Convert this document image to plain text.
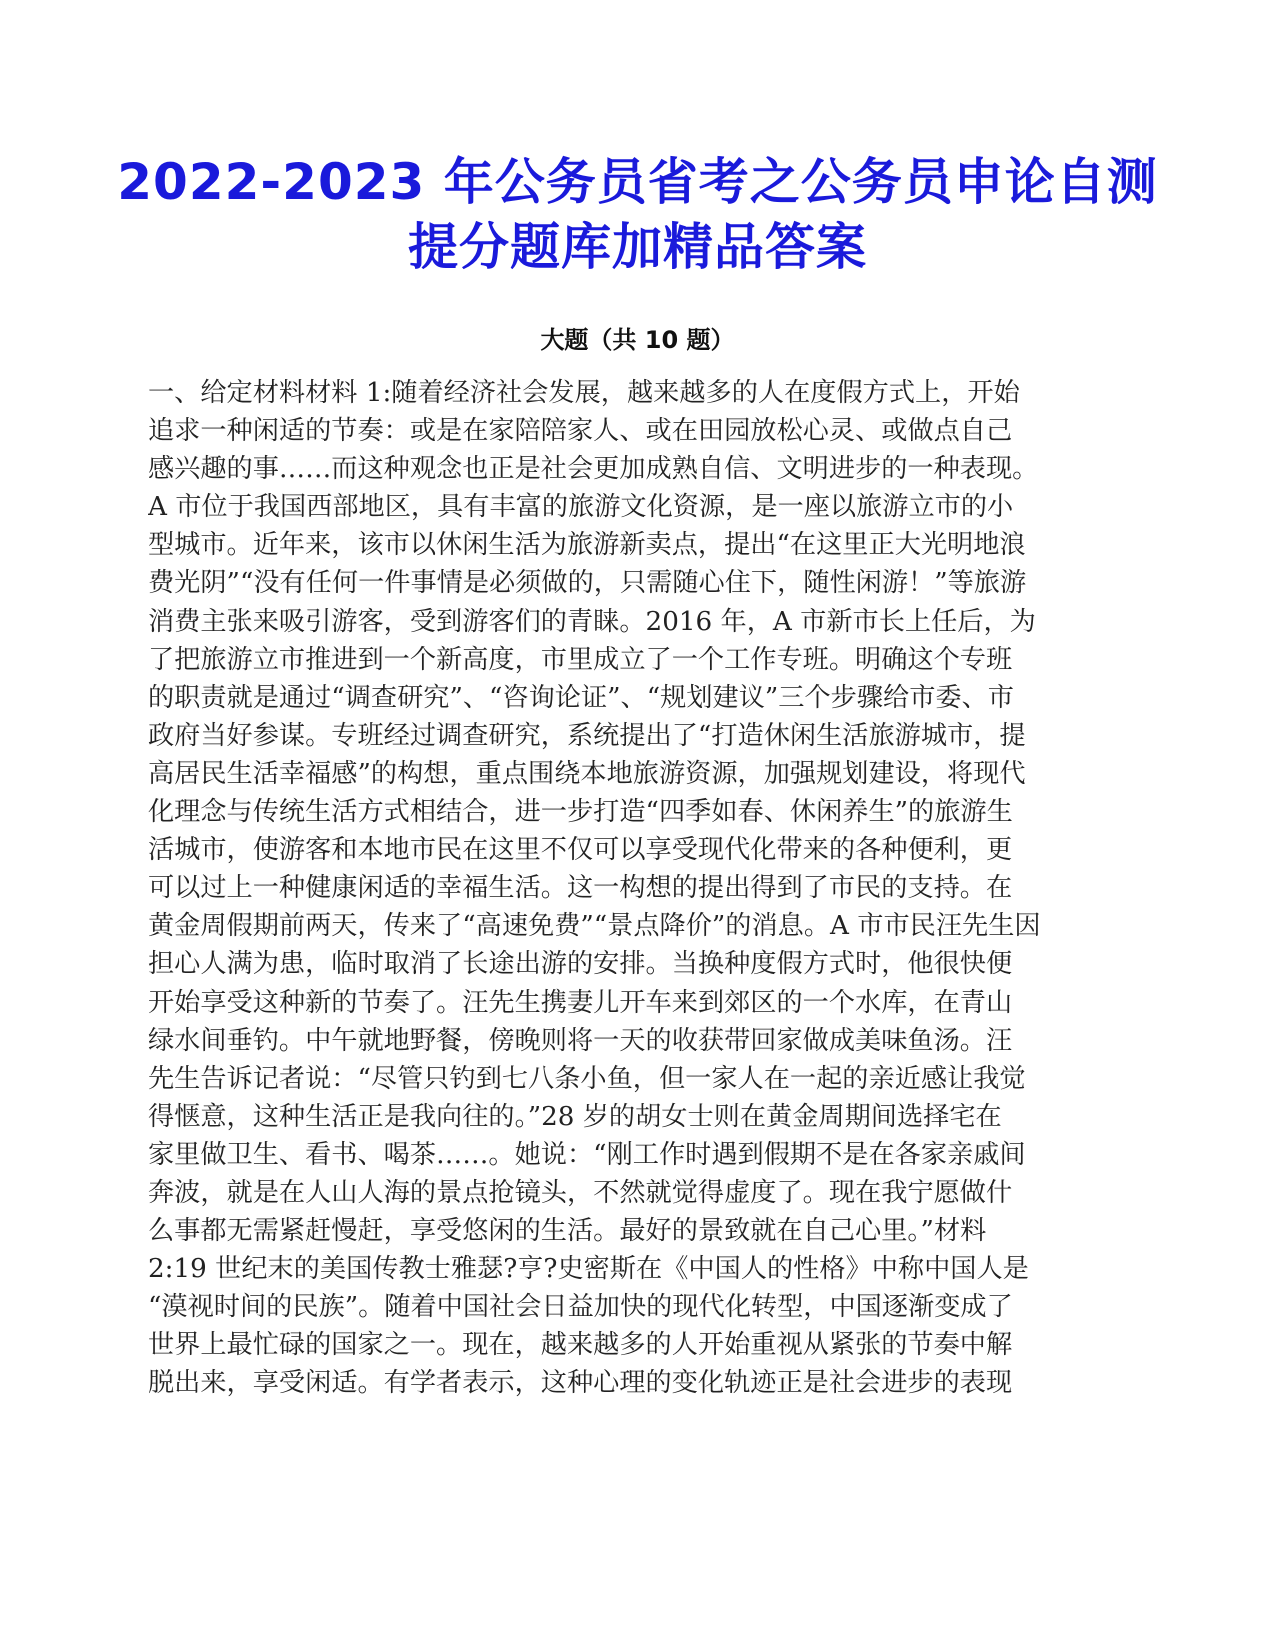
2022-2023 年公务员省考之公务员申论自测
提分题库加精品答案
大题（共 10 题）
一、给定材料材料 1:随着经济社会发展，越来越多的人在度假方式上，开始
追求一种闲适的节奏：或是在家陪陪家人、或在田园放松心灵、或做点自己
感兴趣的事……而这种观念也正是社会更加成熟自信、文明进步的一种表现。
A 市位于我国西部地区，具有丰富的旅游文化资源，是一座以旅游立市的小
型城市。近年来，该市以休闲生活为旅游新卖点，提出“在这里正大光明地浪
费光阴”“没有任何一件事情是必须做的，只需随心住下，随性闲游！”等旅游
消费主张来吸引游客，受到游客们的青睐。2016 年，A 市新市长上任后，为
了把旅游立市推进到一个新高度，市里成立了一个工作专班。明确这个专班
的职责就是通过“调查研究”、“咨询论证”、“规划建议”三个步骤给市委、市
政府当好参谋。专班经过调查研究，系统提出了“打造休闲生活旅游城市，提
高居民生活幸福感”的构想，重点围绕本地旅游资源，加强规划建设，将现代
化理念与传统生活方式相结合，进一步打造“四季如春、休闲养生”的旅游生
活城市，使游客和本地市民在这里不仅可以享受现代化带来的各种便利，更
可以过上一种健康闲适的幸福生活。这一构想的提出得到了市民的支持。在
黄金周假期前两天，传来了“高速免费”“景点降价”的消息。A 市市民汪先生因
担心人满为患，临时取消了长途出游的安排。当换种度假方式时，他很快便
开始享受这种新的节奏了。汪先生携妻儿开车来到郊区的一个水库，在青山
绿水间垂钓。中午就地野餐，傍晚则将一天的收获带回家做成美味鱼汤。汪
先生告诉记者说：“尽管只钓到七八条小鱼，但一家人在一起的亲近感让我觉
得惬意，这种生活正是我向往的。”28 岁的胡女士则在黄金周期间选择宅在
家里做卫生、看书、喝茶……。她说：“刚工作时遇到假期不是在各家亲戚间
奔波，就是在人山人海的景点抢镜头，不然就觉得虚度了。现在我宁愿做什
么事都无需紧赶慢赶，享受悠闲的生活。最好的景致就在自己心里。”材料
2:19 世纪末的美国传教士雅瑟?亨?史密斯在《中国人的性格》中称中国人是
“漠视时间的民族”。随着中国社会日益加快的现代化转型，中国逐渐变成了
世界上最忙碌的国家之一。现在，越来越多的人开始重视从紧张的节奏中解
脱出来，享受闲适。有学者表示，这种心理的变化轨迹正是社会进步的表现
